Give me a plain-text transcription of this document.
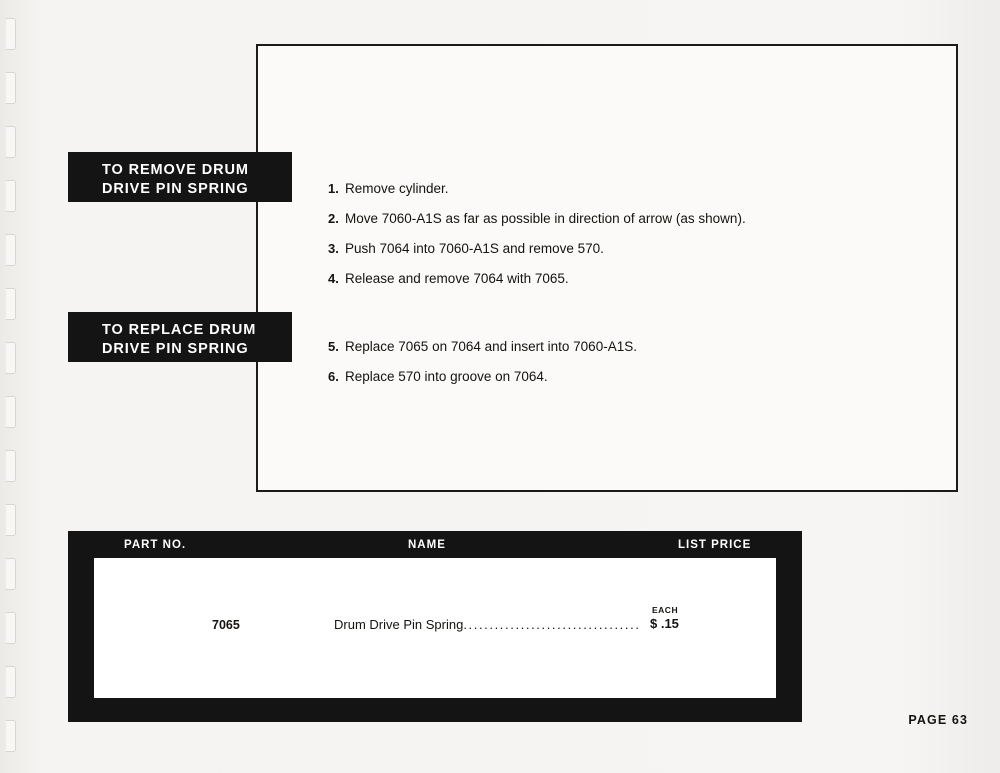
TO REMOVE DRUM
DRIVE PIN SPRING	1. Remove cylinder.
2. Move 7060-A1S as far as possible in direction of arrow (as shown).
3. Push 7064 into 7060-A1S and remove 570.
4. Release and remove 7064 with 7065.
TO REPLACE DRUM
DRIVE PIN SPRING	5. Replace 7065 on 7064 and insert into 7060-A1S.
6. Replace 570 into groove on 7064.
PART NO.	NAME	LIST PRICE
7065	Drum Drive Pin Spring..................................
EACH
$ .15
PAGE 63
